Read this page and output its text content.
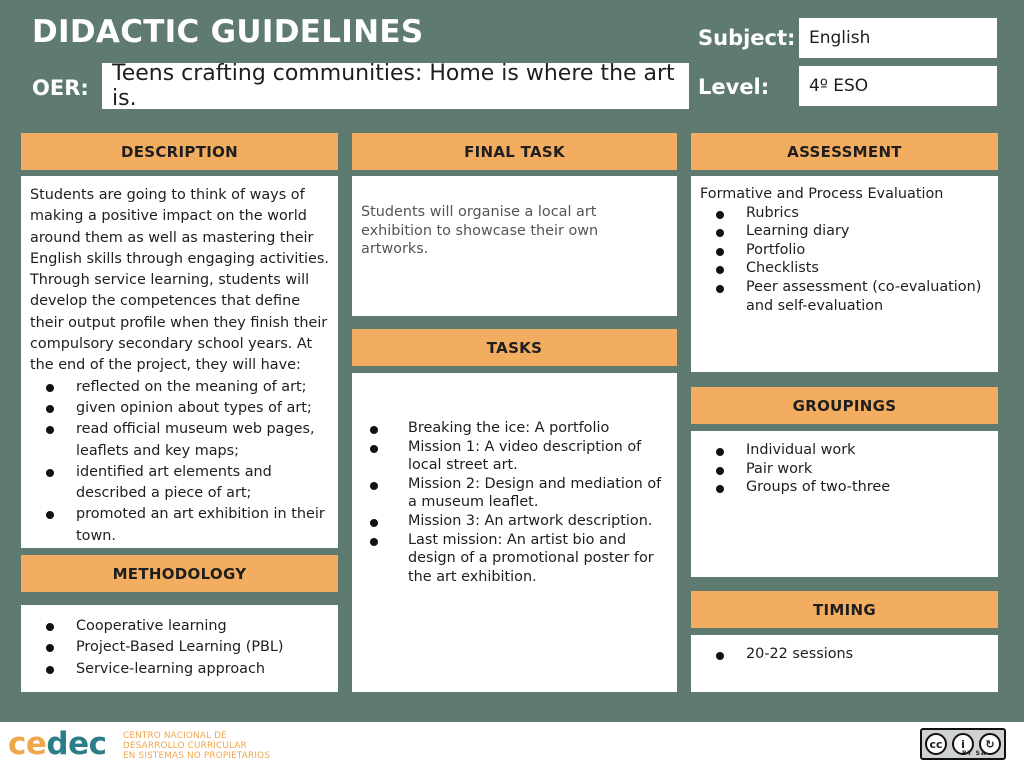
DIDACTIC GUIDELINES
OER:
Teens crafting communities: Home is where the art is.
Subject: English
Level:	4º ESO
DESCRIPTION
Students are going to think of ways of making a positive impact on the world around them as well as mastering their English skills through engaging activities. Through service learning, students will develop the competences that define their output profile when they finish their compulsory secondary school years. At the end of the project, they will have:
reflected on the meaning of art;
given opinion about types of art;
read official museum web pages, leaflets and key maps;
identified art elements and described a piece of art;
promoted an art exhibition in their town.
METHODOLOGY
Cooperative learning
Project-Based Learning (PBL)
Service-learning approach
FINAL TASK
Students will organise a local art exhibition to showcase their own artworks.
TASKS
Breaking the ice: A portfolio
Mission 1: A video description of local street art.
Mission 2: Design and mediation of a museum leaflet.
Mission 3: An artwork description.
Last mission: An artist bio and design of a promotional poster for the art exhibition.
ASSESSMENT
Formative and Process Evaluation
Rubrics
Learning diary
Portfolio
Checklists
Peer assessment (co-evaluation) and self-evaluation
GROUPINGS
Individual work
Pair work
Groups of two-three
TIMING
20-22 sessions
cedec CENTRO NACIONAL DE
DESARROLLO CURRICULAR
EN SISTEMAS NO PROPIETARIOS
cc	i	↻
BY SA
